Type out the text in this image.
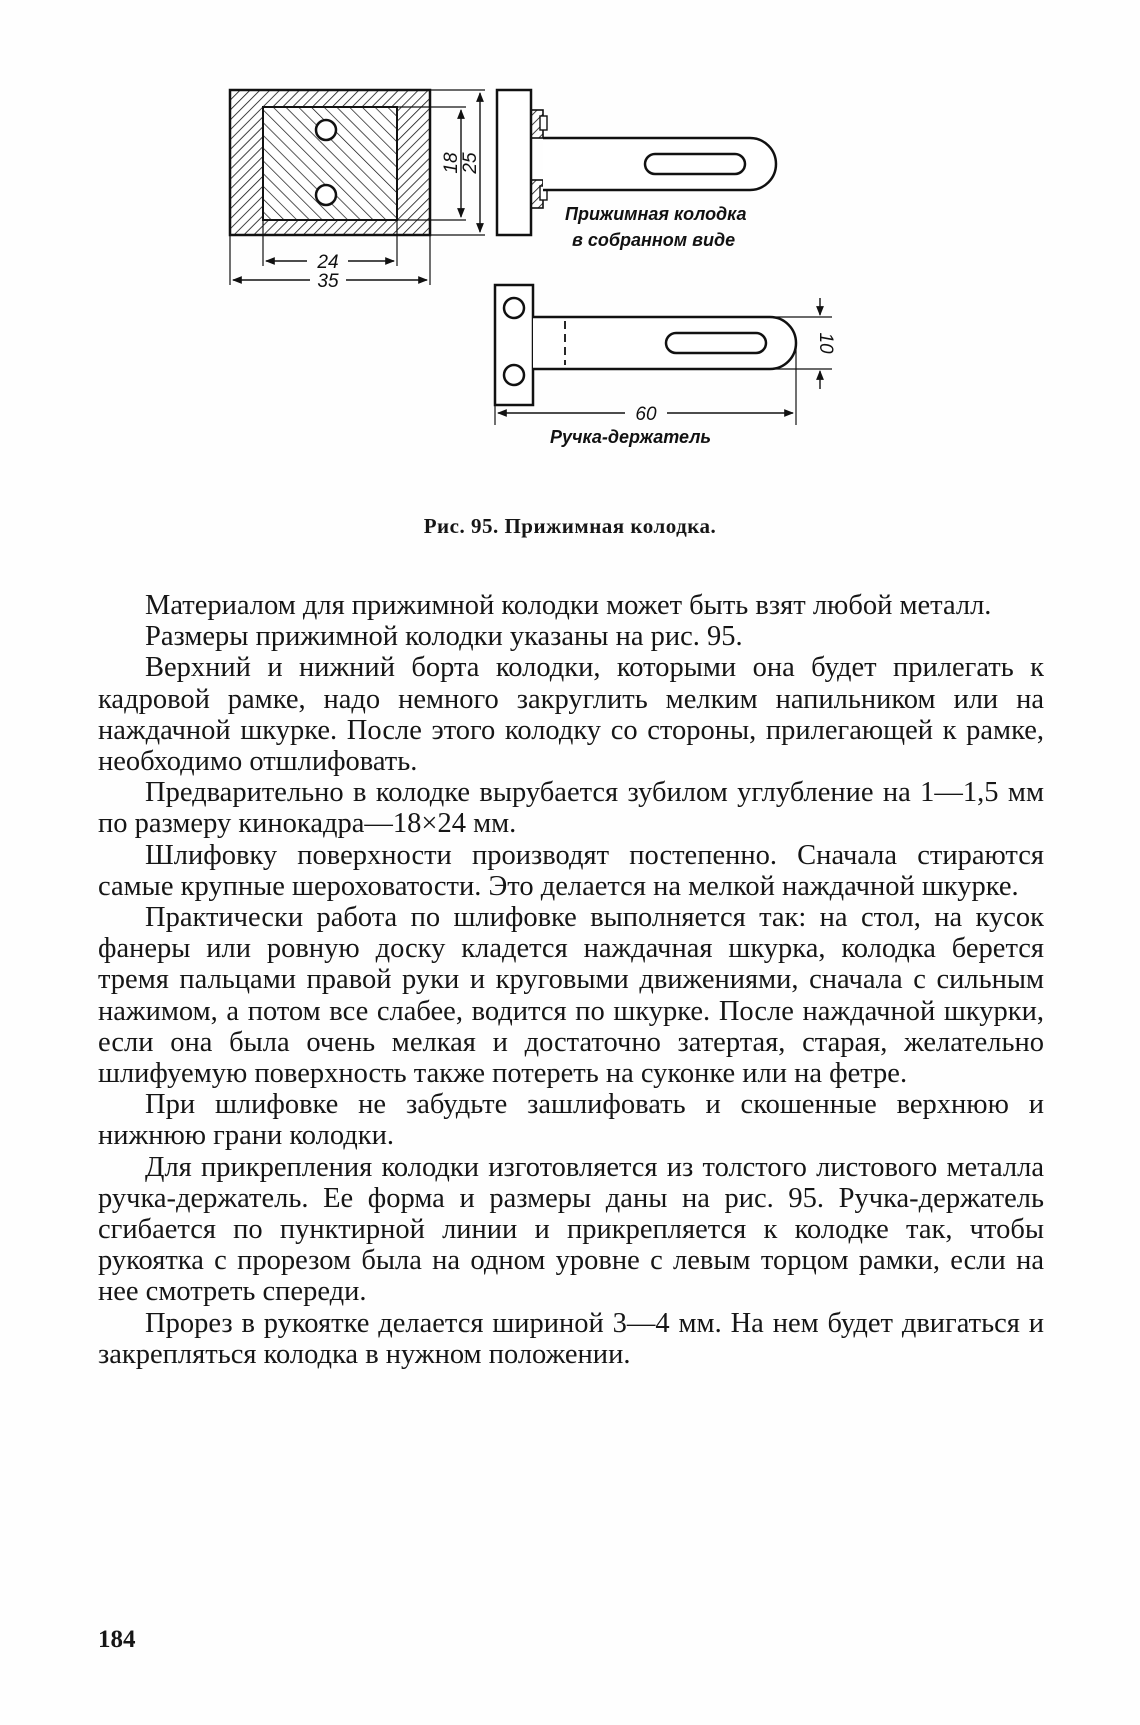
18
25
24
35
Прижимная колодка
в собранном виде
10
60
Ручка-держатель
Рис. 95. Прижимная колодка.

Материалом для прижимной колодки может быть взят любой металл.

Размеры прижимной колодки указаны на рис. 95.

Верхний и нижний борта колодки, которыми она будет прилегать к кадровой рамке, надо немного закруглить мелким напильником или на наждачной шкурке. После этого колодку со стороны, прилегающей к рамке, необходимо отшлифовать.

Предварительно в колодке вырубается зубилом углубление на 1—1,5 мм по размеру кинокадра—18×24 мм.

Шлифовку поверхности производят постепенно. Сначала стираются самые крупные шероховатости. Это делается на мелкой наждачной шкурке.

Практически работа по шлифовке выполняется так: на стол, на кусок фанеры или ровную доску кладется наждачная шкурка, колодка берется тремя пальцами правой руки и круговыми движениями, сначала с сильным нажимом, а потом все слабее, водится по шкурке. После наждачной шкурки, если она была очень мелкая и достаточно затертая, старая, желательно шлифуемую поверхность также потереть на суконке или на фетре.

При шлифовке не забудьте зашлифовать и скошенные верхнюю и нижнюю грани колодки.

Для прикрепления колодки изготовляется из толстого листового металла ручка-держатель. Ее форма и размеры даны на рис. 95. Ручка-держатель сгибается по пунктирной линии и прикрепляется к колодке так, чтобы рукоятка с прорезом была на одном уровне с левым торцом рамки, если на нее смотреть спереди.

Прорез в рукоятке делается шириной 3—4 мм. На нем будет двигаться и закрепляться колодка в нужном положении.

184
